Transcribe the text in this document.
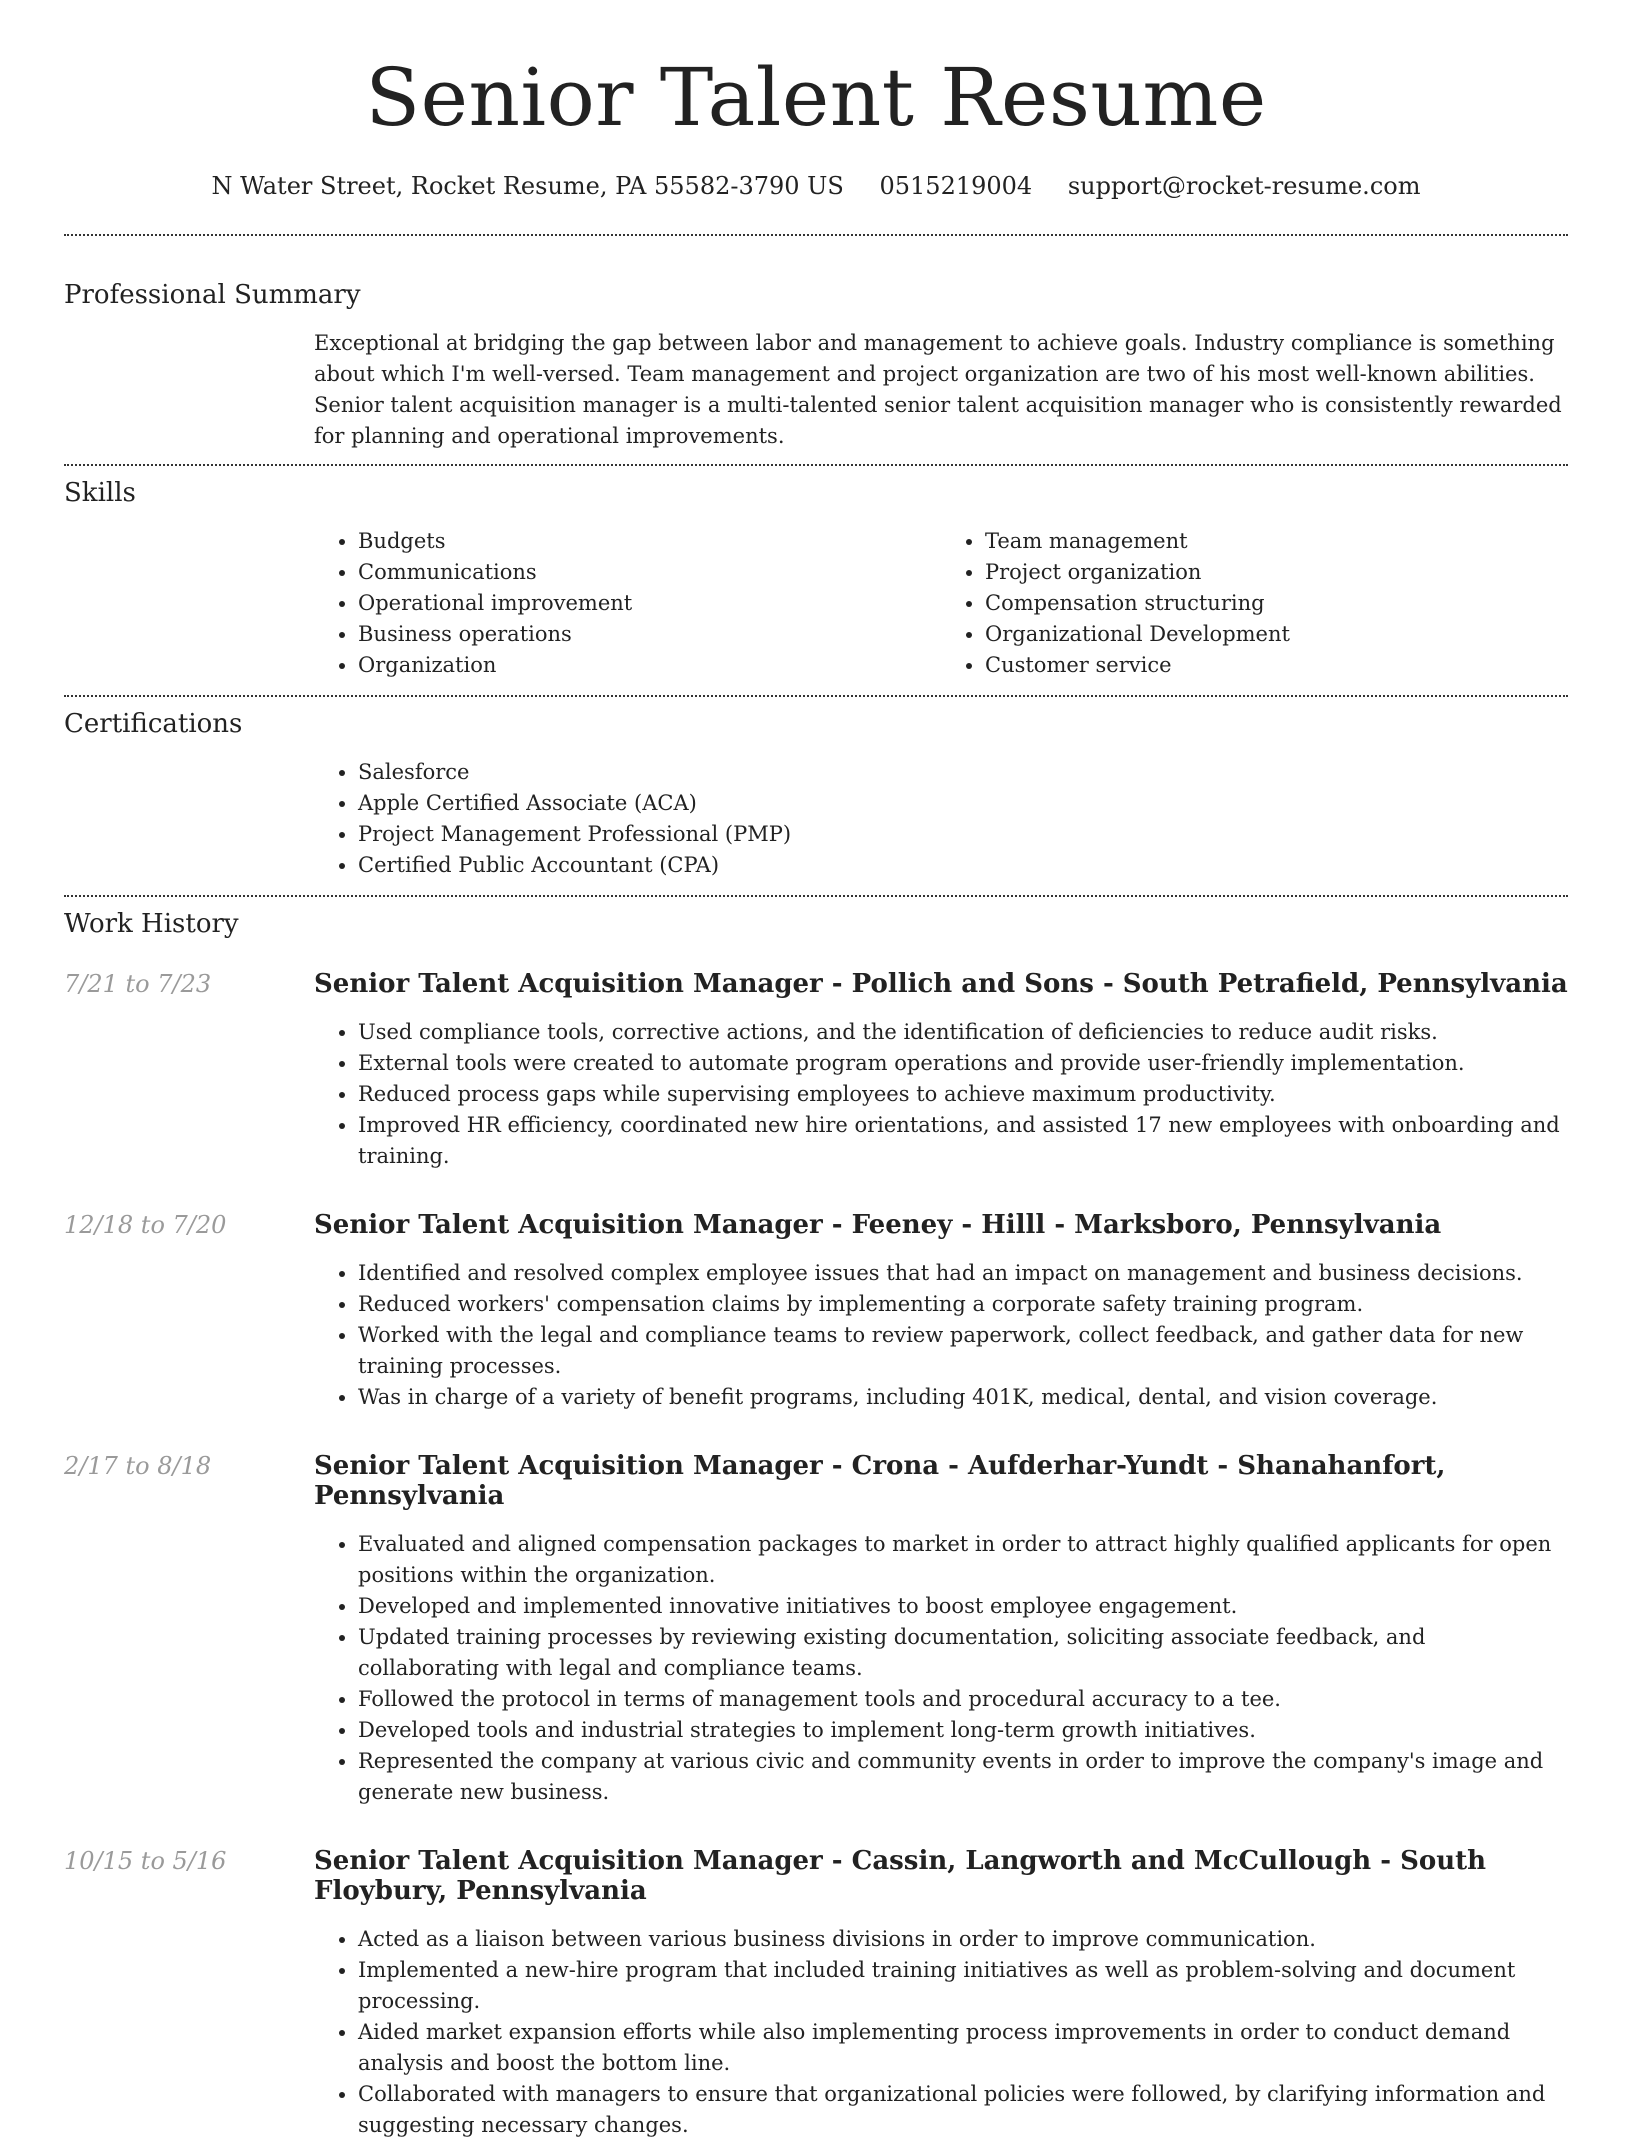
Senior Talent Resume
N Water Street, Rocket Resume, PA 55582-3790 US 0515219004 support@rocket-resume.com
Professional Summary

Exceptional at bridging the gap between labor and management to achieve goals. Industry compliance is something about which I'm well-versed. Team management and project organization are two of his most well-known abilities. Senior talent acquisition manager is a multi-talented senior talent acquisition manager who is consistently rewarded for planning and operational improvements.

Skills
• Budgets
• Communications
• Operational improvement
• Business operations
• Organization
• Team management
• Project organization
• Compensation structuring
• Organizational Development
• Customer service
Certifications
• Salesforce
• Apple Certified Associate (ACA)
• Project Management Professional (PMP)
• Certified Public Accountant (CPA)
Work History
7/21 to 7/23	Senior Talent Acquisition Manager - Pollich and Sons - South Petrafield, Pennsylvania
• Used compliance tools, corrective actions, and the identification of deficiencies to reduce audit risks.
• External tools were created to automate program operations and provide user-friendly implementation.
• Reduced process gaps while supervising employees to achieve maximum productivity.
• Improved HR efficiency, coordinated new hire orientations, and assisted 17 new employees with onboarding and training.
12/18 to 7/20	Senior Talent Acquisition Manager - Feeney - Hilll - Marksboro, Pennsylvania
• Identified and resolved complex employee issues that had an impact on management and business decisions.
• Reduced workers' compensation claims by implementing a corporate safety training program.
• Worked with the legal and compliance teams to review paperwork, collect feedback, and gather data for new training processes.
• Was in charge of a variety of benefit programs, including 401K, medical, dental, and vision coverage.
2/17 to 8/18	Senior Talent Acquisition Manager - Crona - Aufderhar-Yundt - Shanahanfort, Pennsylvania
• Evaluated and aligned compensation packages to market in order to attract highly qualified applicants for open positions within the organization.
• Developed and implemented innovative initiatives to boost employee engagement.
• Updated training processes by reviewing existing documentation, soliciting associate feedback, and collaborating with legal and compliance teams.
• Followed the protocol in terms of management tools and procedural accuracy to a tee.
• Developed tools and industrial strategies to implement long-term growth initiatives.
• Represented the company at various civic and community events in order to improve the company's image and generate new business.
10/15 to 5/16	Senior Talent Acquisition Manager - Cassin, Langworth and McCullough - South Floybury, Pennsylvania
• Acted as a liaison between various business divisions in order to improve communication.
• Implemented a new-hire program that included training initiatives as well as problem-solving and document processing.
• Aided market expansion efforts while also implementing process improvements in order to conduct demand analysis and boost the bottom line.
• Collaborated with managers to ensure that organizational policies were followed, by clarifying information and suggesting necessary changes.
